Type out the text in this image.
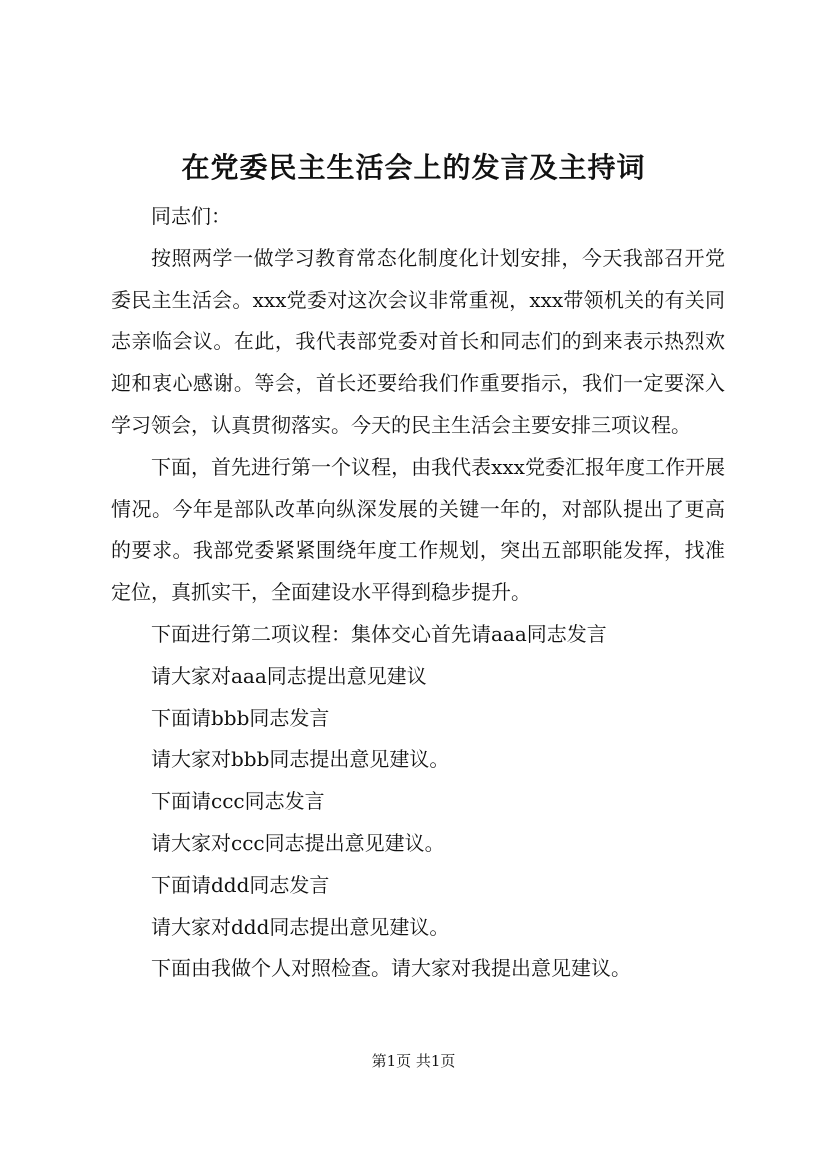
在党委民主生活会上的发言及主持词

同志们：

按照两学一做学习教育常态化制度化计划安排，今天我部召开党委民主生活会。xxx党委对这次会议非常重视，xxx带领机关的有关同志亲临会议。在此，我代表部党委对首长和同志们的到来表示热烈欢迎和衷心感谢。等会，首长还要给我们作重要指示，我们一定要深入学习领会，认真贯彻落实。今天的民主生活会主要安排三项议程。

下面，首先进行第一个议程，由我代表xxx党委汇报年度工作开展情况。今年是部队改革向纵深发展的关键一年的，对部队提出了更高的要求。我部党委紧紧围绕年度工作规划，突出五部职能发挥，找准定位，真抓实干，全面建设水平得到稳步提升。

下面进行第二项议程：集体交心首先请aaa同志发言

请大家对aaa同志提出意见建议

下面请bbb同志发言

请大家对bbb同志提出意见建议。

下面请ccc同志发言

请大家对ccc同志提出意见建议。

下面请ddd同志发言

请大家对ddd同志提出意见建议。

下面由我做个人对照检查。请大家对我提出意见建议。

第1页 共1页
